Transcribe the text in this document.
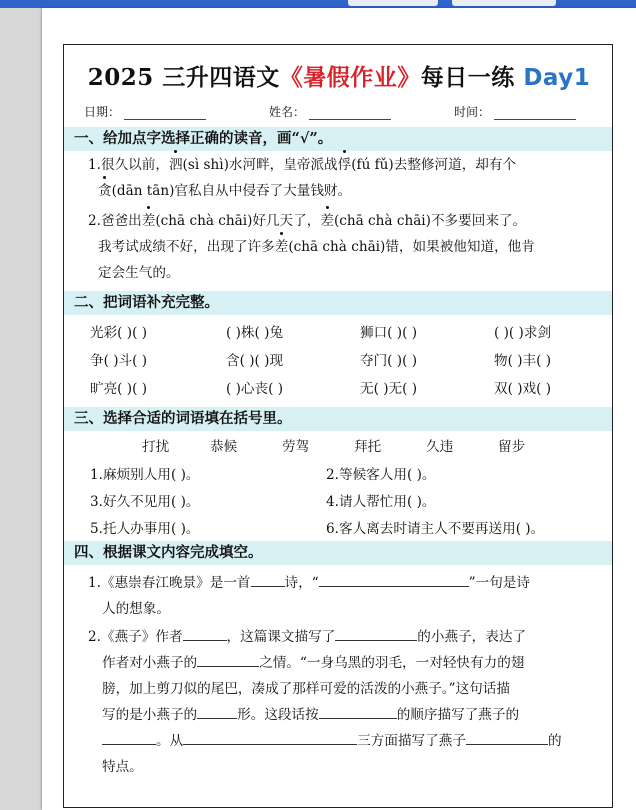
2025 三升四语文《暑假作业》每日一练 Day1
日期：	姓名：	时间：
一、给加点字选择正确的读音，画“√”。
1.很久以前，泗(sì shì)水河畔，皇帝派战俘(fú fǔ)去整修河道，却有个
贪(dān tān)官私自从中侵吞了大量钱财。
2.爸爸出差(chā chà chāi)好几天了，差(chā chà chāi)不多要回来了。
我考试成绩不好，出现了许多差(chā chà chāi)错，如果被他知道，他肯
定会生气的。
二、把词语补充完整。
光彩( )( )	( )株( )兔	狮口( )( )	( )( )求剑
争( )斗( )	含( )( )现	夺门( )( )	物( )丰( )
旷亮( )( )	( )心丧( )	无( )无( )	双( )戏( )
三、选择合适的词语填在括号里。
打扰	恭候	劳驾	拜托	久违	留步
1.麻烦别人用( )。	2.等候客人用( )。
3.好久不见用( )。	4.请人帮忙用( )。
5.托人办事用( )。	6.客人离去时请主人不要再送用( )。
四、根据课文内容完成填空。
1.《惠崇春江晚景》是一首	诗，“	”一句是诗
人的想象。
2.《燕子》作者	，这篇课文描写了	的小燕子，表达了
作者对小燕子的	之情。“一身乌黑的羽毛，一对轻快有力的翅
膀，加上剪刀似的尾巴，凑成了那样可爱的活泼的小燕子。”这句话描
写的是小燕子的	形。这段话按	的顺序描写了燕子的
。从	三方面描写了燕子	的
特点。
